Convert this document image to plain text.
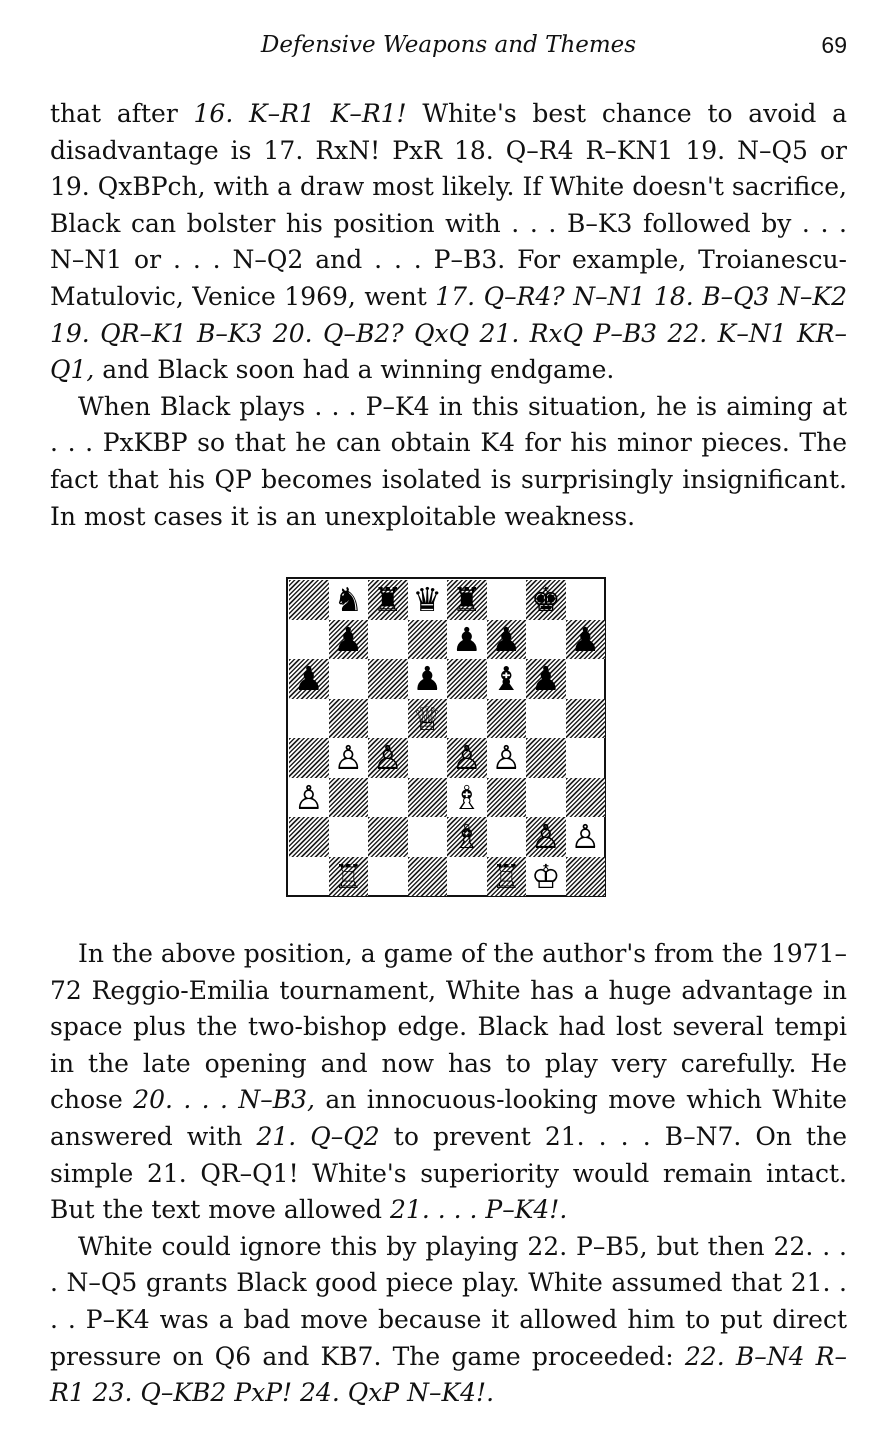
Defensive Weapons and Themes	69

that after 16. K–R1 K–R1! White's best chance to avoid a disadvantage is 17. RxN! PxR 18. Q–R4 R–KN1 19. N–Q5 or 19. QxBPch, with a draw most likely. If White doesn't sacrifice, Black can bolster his position with . . . B–K3 followed by . . . N–N1 or . . . N–Q2 and . . . P–B3. For example, Troianescu-Matulovic, Venice 1969, went 17. Q–R4? N–N1 18. B–Q3 N–K2 19. QR–K1 B–K3 20. Q–B2? QxQ 21. RxQ P–B3 22. K–N1 KR–Q1, and Black soon had a winning endgame.

When Black plays . . . P–K4 in this situation, he is aiming at . . . PxKBP so that he can obtain K4 for his minor pieces. The fact that his QP becomes isolated is surprisingly insignificant. In most cases it is an unexploitable weakness.

♞ ♜ ♛ ♜ ♚
♟	♟ ♟ ♟
♟	♟ ♝ ♟
♕
♙ ♙ ♙ ♙
♙	♗
♗ ♙ ♙
♖	♖ ♔

In the above position, a game of the author's from the 1971–72 Reggio-Emilia tournament, White has a huge advantage in space plus the two-bishop edge. Black had lost several tempi in the late opening and now has to play very carefully. He chose 20. . . . N–B3, an innocuous-looking move which White answered with 21. Q–Q2 to prevent 21. . . . B–N7. On the simple 21. QR–Q1! White's superiority would remain intact. But the text move allowed 21. . . . P–K4!.

White could ignore this by playing 22. P–B5, but then 22. . . . N–Q5 grants Black good piece play. White assumed that 21. . . . P–K4 was a bad move because it allowed him to put direct pressure on Q6 and KB7. The game proceeded: 22. B–N4 R–R1 23. Q–KB2 PxP! 24. QxP N–K4!.
